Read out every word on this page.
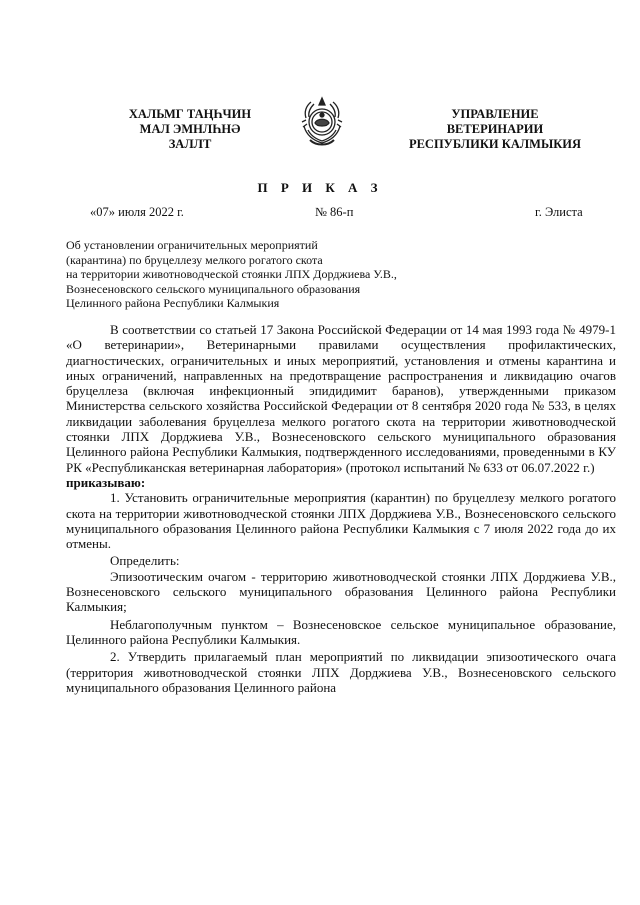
ХАЛЬМГ ТАҢҺЧИН
МАЛ ЭМНЛҺНӘ
ЗАЛЛТ
УПРАВЛЕНИЕ
ВЕТЕРИНАРИИ
РЕСПУБЛИКИ КАЛМЫКИЯ
П Р И К А З
«07» июля 2022 г.	№ 86-п	г. Элиста
Об установлении ограничительных мероприятий
(карантина) по бруцеллезу мелкого рогатого скота
на территории животноводческой стоянки ЛПХ Дорджиева У.В.,
Вознесеновского сельского муниципального образования
Целинного района Республики Калмыкия

В соответствии со статьей 17 Закона Российской Федерации от 14 мая 1993 года № 4979-1 «О ветеринарии», Ветеринарными правилами осуществления профилактических, диагностических, ограничительных и иных мероприятий, установления и отмены карантина и иных ограничений, направленных на предотвращение распространения и ликвидацию очагов бруцеллеза (включая инфекционный эпидидимит баранов), утвержденными приказом Министерства сельского хозяйства Российской Федерации от 8 сентября 2020 года № 533, в целях ликвидации заболевания бруцеллеза мелкого рогатого скота на территории животноводческой стоянки ЛПХ Дорджиева У.В., Вознесеновского сельского муниципального образования Целинного района Республики Калмыкия, подтвержденного исследованиями, проведенными в КУ РК «Республиканская ветеринарная лаборатория» (протокол испытаний № 633 от 06.07.2022 г.)

приказываю:

1. Установить ограничительные мероприятия (карантин) по бруцеллезу мелкого рогатого скота на территории животноводческой стоянки ЛПХ Дорджиева У.В., Вознесеновского сельского муниципального образования Целинного района Республики Калмыкия с 7 июля 2022 года до их отмены.

Определить:

Эпизоотическим очагом - территорию животноводческой стоянки ЛПХ Дорджиева У.В., Вознесеновского сельского муниципального образования Целинного района Республики Калмыкия;

Неблагополучным пунктом – Вознесеновское сельское муниципальное образование, Целинного района Республики Калмыкия.

2. Утвердить прилагаемый план мероприятий по ликвидации эпизоотического очага (территория животноводческой стоянки ЛПХ Дорджиева У.В., Вознесеновского сельского муниципального образования Целинного района
